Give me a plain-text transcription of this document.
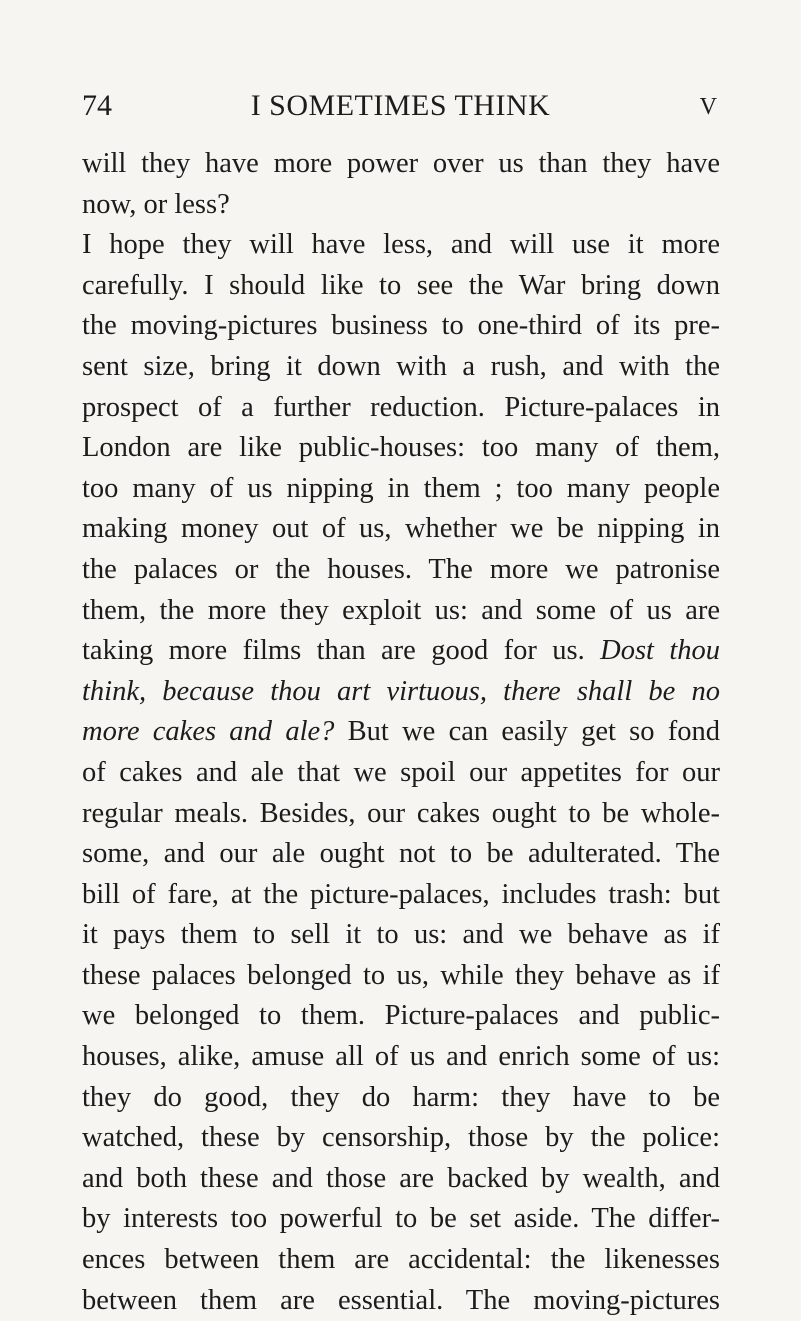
74	I SOMETIMES THINK	V
will they have more power over us than they have
now, or less?
I hope they will have less, and will use it more
carefully. I should like to see the War bring down
the moving-pictures business to one-third of its pre-
sent size, bring it down with a rush, and with the
prospect of a further reduction. Picture-palaces in
London are like public-houses: too many of them,
too many of us nipping in them ; too many people
making money out of us, whether we be nipping in
the palaces or the houses. The more we patronise
them, the more they exploit us: and some of us are
taking more films than are good for us. Dost thou
think, because thou art virtuous, there shall be no
more cakes and ale? But we can easily get so fond
of cakes and ale that we spoil our appetites for our
regular meals. Besides, our cakes ought to be whole-
some, and our ale ought not to be adulterated. The
bill of fare, at the picture-palaces, includes trash: but
it pays them to sell it to us: and we behave as if
these palaces belonged to us, while they behave as if
we belonged to them. Picture-palaces and public-
houses, alike, amuse all of us and enrich some of us:
they do good, they do harm: they have to be
watched, these by censorship, those by the police:
and both these and those are backed by wealth, and
by interests too powerful to be set aside. The differ-
ences between them are accidental: the likenesses
between them are essential. The moving-pictures
